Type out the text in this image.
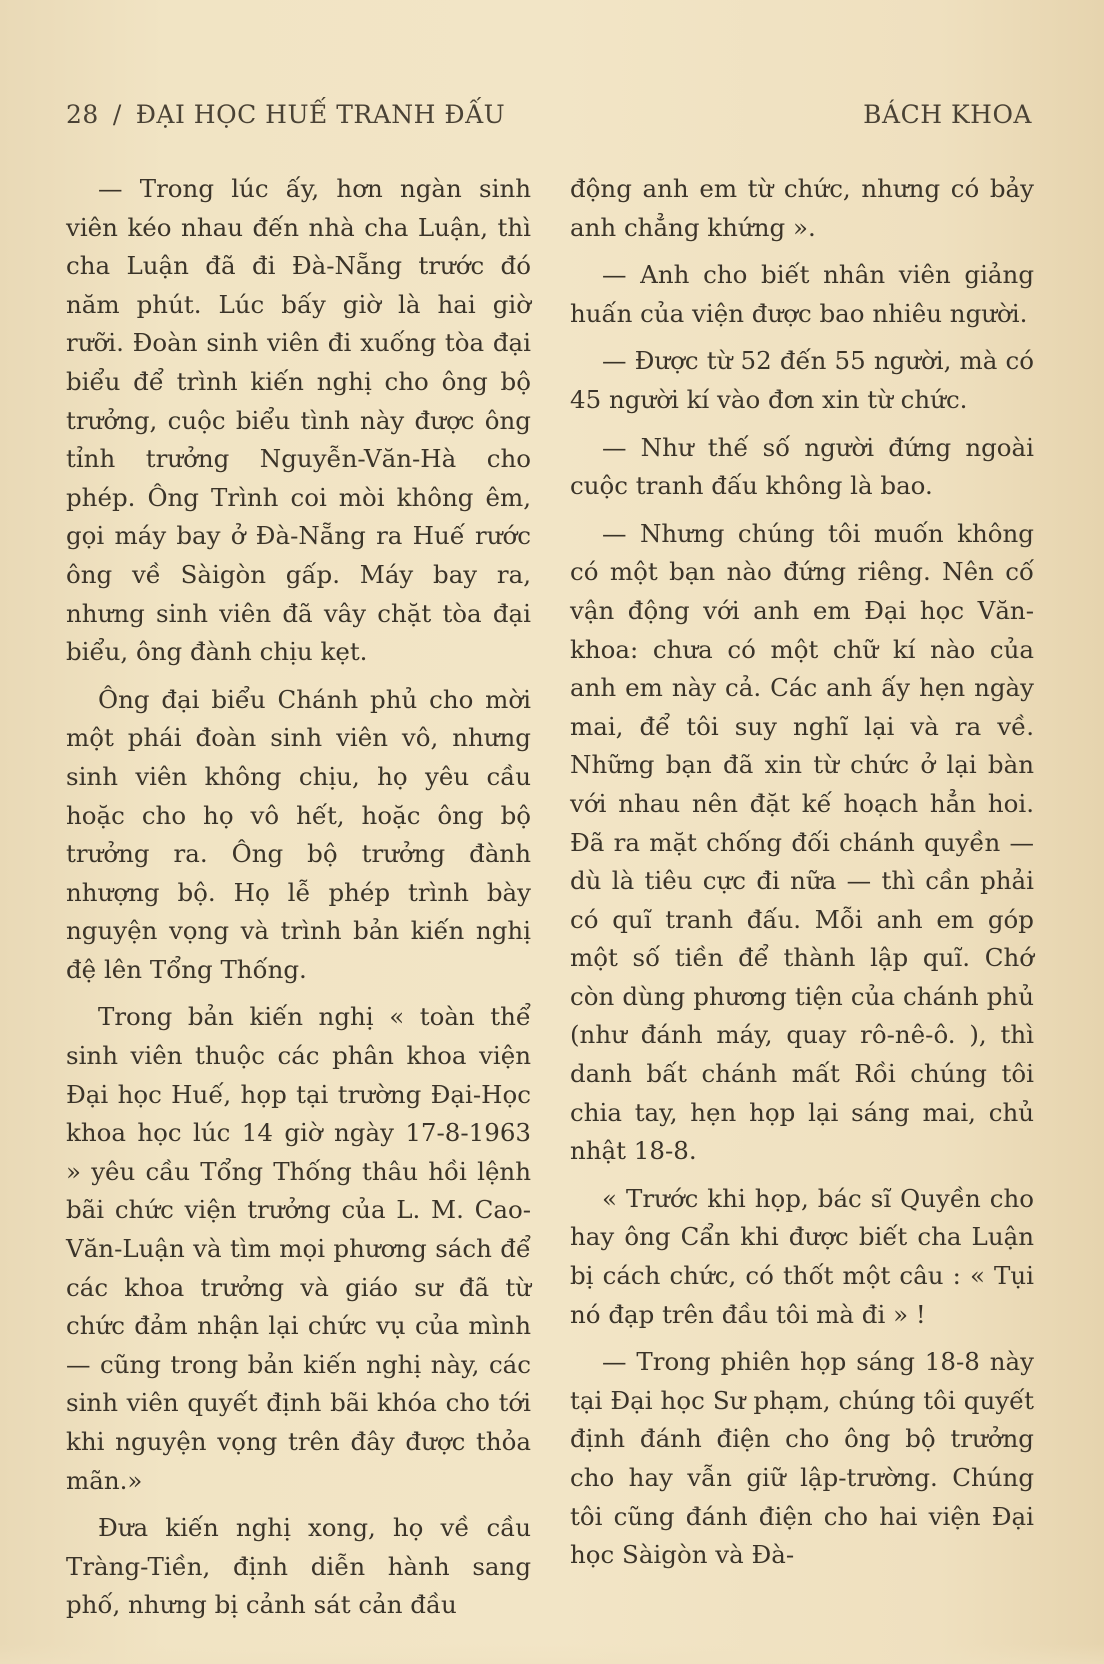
28 / ĐẠI HỌC HUẾ TRANH ĐẤU	BÁCH KHOA

— Trong lúc ấy, hơn ngàn sinh viên kéo nhau đến nhà cha Luận, thì cha Luận đã đi Đà-Nẵng trước đó năm phút. Lúc bấy giờ là hai giờ rưỡi. Đoàn sinh viên đi xuống tòa đại biểu để trình kiến nghị cho ông bộ trưởng, cuộc biểu tình này được ông tỉnh trưởng Nguyễn-Văn-Hà cho phép. Ông Trình coi mòi không êm, gọi máy bay ở Đà-Nẵng ra Huế rước ông về Sàigòn gấp. Máy bay ra, nhưng sinh viên đã vây chặt tòa đại biểu, ông đành chịu kẹt.

Ông đại biểu Chánh phủ cho mời một phái đoàn sinh viên vô, nhưng sinh viên không chịu, họ yêu cầu hoặc cho họ vô hết, hoặc ông bộ trưởng ra. Ông bộ trưởng đành nhượng bộ. Họ lễ phép trình bày nguyện vọng và trình bản kiến nghị đệ lên Tổng Thống.

Trong bản kiến nghị « toàn thể sinh viên thuộc các phân khoa viện Đại học Huế, họp tại trường Đại-Học khoa học lúc 14 giờ ngày 17-8-1963 » yêu cầu Tổng Thống thâu hồi lệnh bãi chức viện trưởng của L. M. Cao-Văn-Luận và tìm mọi phương sách để các khoa trưởng và giáo sư đã từ chức đảm nhận lại chức vụ của mình — cũng trong bản kiến nghị này, các sinh viên quyết định bãi khóa cho tới khi nguyện vọng trên đây được thỏa mãn.»

Đưa kiến nghị xong, họ về cầu Tràng-Tiền, định diễn hành sang phố, nhưng bị cảnh sát cản đầu

động anh em từ chức, nhưng có bảy anh chẳng khứng ».

— Anh cho biết nhân viên giảng huấn của viện được bao nhiêu người.

— Được từ 52 đến 55 người, mà có 45 người kí vào đơn xin từ chức.

— Như thế số người đứng ngoài cuộc tranh đấu không là bao.

— Nhưng chúng tôi muốn không có một bạn nào đứng riêng. Nên cố vận động với anh em Đại học Văn-khoa: chưa có một chữ kí nào của anh em này cả. Các anh ấy hẹn ngày mai, để tôi suy nghĩ lại và ra về. Những bạn đã xin từ chức ở lại bàn với nhau nên đặt kế hoạch hẳn hoi. Đã ra mặt chống đối chánh quyền — dù là tiêu cực đi nữa — thì cần phải có quĩ tranh đấu. Mỗi anh em góp một số tiền để thành lập quĩ. Chớ còn dùng phương tiện của chánh phủ (như đánh máy, quay rô-nê-ô. ), thì danh bất chánh mất Rồi chúng tôi chia tay, hẹn họp lại sáng mai, chủ nhật 18-8.

« Trước khi họp, bác sĩ Quyền cho hay ông Cẩn khi được biết cha Luận bị cách chức, có thốt một câu : « Tụi nó đạp trên đầu tôi mà đi » !

— Trong phiên họp sáng 18-8 này tại Đại học Sư phạm, chúng tôi quyết định đánh điện cho ông bộ trưởng cho hay vẫn giữ lập-trường. Chúng tôi cũng đánh điện cho hai viện Đại học Sàigòn và Đà-
